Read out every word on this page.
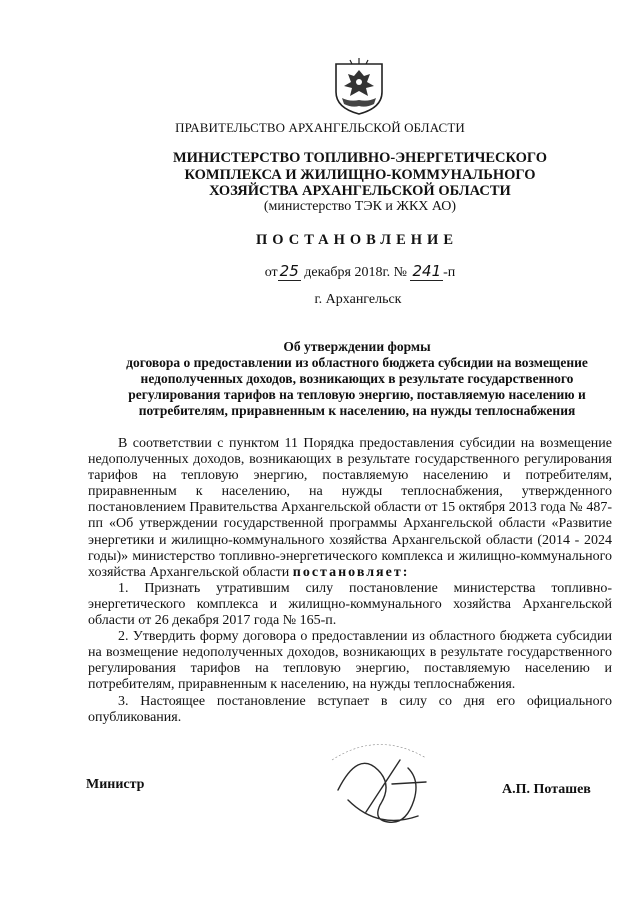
ПРАВИТЕЛЬСТВО АРХАНГЕЛЬСКОЙ ОБЛАСТИ
МИНИСТЕРСТВО ТОПЛИВНО-ЭНЕРГЕТИЧЕСКОГО
КОМПЛЕКСА И ЖИЛИЩНО-КОММУНАЛЬНОГО
ХОЗЯЙСТВА АРХАНГЕЛЬСКОЙ ОБЛАСТИ
(министерство ТЭК и ЖКХ АО)
ПОСТАНОВЛЕНИЕ
от 25 декабря 2018г. № 241 -п
г. Архангельск
Об утверждении формы
договора о предоставлении из областного бюджета субсидии на возмещение
недополученных доходов, возникающих в результате государственного
регулирования тарифов на тепловую энергию, поставляемую населению и
потребителям, приравненным к населению, на нужды теплоснабжения

В соответствии с пунктом 11 Порядка предоставления субсидии на возмещение недополученных доходов, возникающих в результате государственного регулирования тарифов на тепловую энергию, поставляемую населению и потребителям, приравненным к населению, на нужды теплоснабжения, утвержденного постановлением Правительства Архангельской области от 15 октября 2013 года № 487-пп «Об утверждении государственной программы Архангельской области «Развитие энергетики и жилищно-коммунального хозяйства Архангельской области (2014 - 2024 годы)» министерство топливно-энергетического комплекса и жилищно-коммунального хозяйства Архангельской области постановляет:

1. Признать утратившим силу постановление министерства топливно-энергетического комплекса и жилищно-коммунального хозяйства Архангельской области от 26 декабря 2017 года № 165-п.

2. Утвердить форму договора о предоставлении из областного бюджета субсидии на возмещение недополученных доходов, возникающих в результате государственного регулирования тарифов на тепловую энергию, поставляемую населению и потребителям, приравненным к населению, на нужды теплоснабжения.

3. Настоящее постановление вступает в силу со дня его официального опубликования.

Министр	А.П. Поташев
